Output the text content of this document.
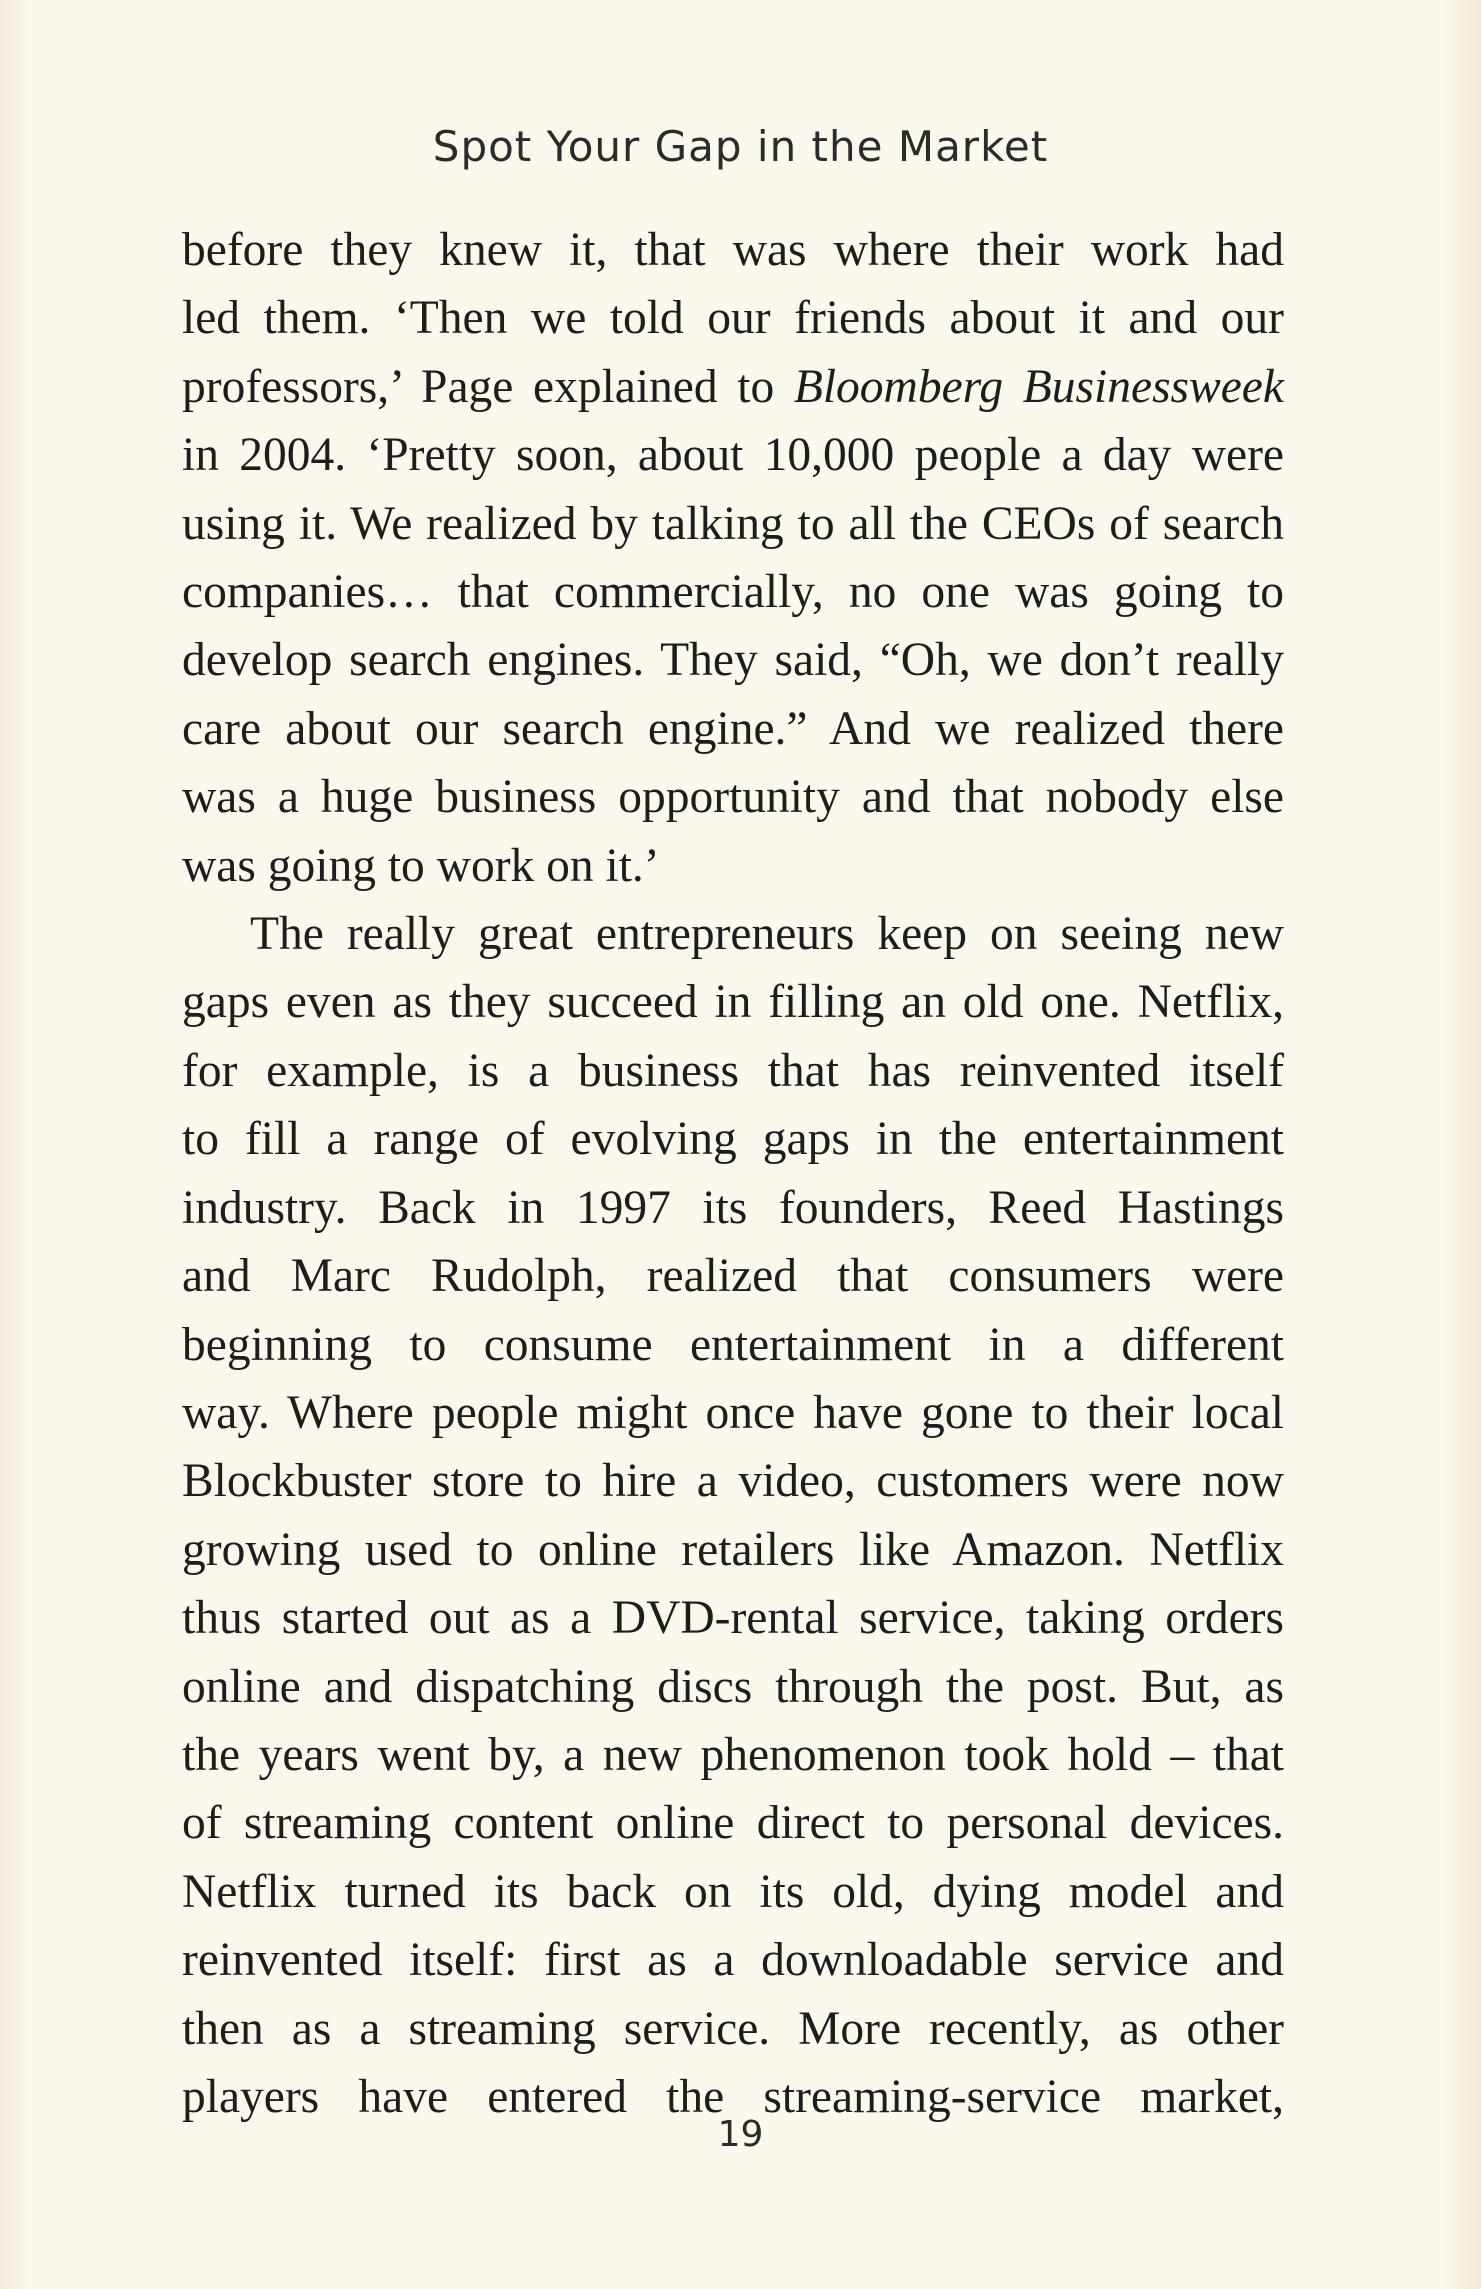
Spot Your Gap in the Market
before they knew it, that was where their work had
led them. ‘Then we told our friends about it and our
professors,’ Page explained to Bloomberg Businessweek
in 2004. ‘Pretty soon, about 10,000 people a day were
using it. We realized by talking to all the CEOs of search
companies… that commercially, no one was going to
develop search engines. They said, “Oh, we don’t really
care about our search engine.” And we realized there
was a huge business opportunity and that nobody else
was going to work on it.’
The really great entrepreneurs keep on seeing new
gaps even as they succeed in filling an old one. Netflix,
for example, is a business that has reinvented itself
to fill a range of evolving gaps in the entertainment
industry. Back in 1997 its founders, Reed Hastings
and Marc Rudolph, realized that consumers were
beginning to consume entertainment in a different
way. Where people might once have gone to their local
Blockbuster store to hire a video, customers were now
growing used to online retailers like Amazon. Netflix
thus started out as a DVD-rental service, taking orders
online and dispatching discs through the post. But, as
the years went by, a new phenomenon took hold – that
of streaming content online direct to personal devices.
Netflix turned its back on its old, dying model and
reinvented itself: first as a downloadable service and
then as a streaming service. More recently, as other
players have entered the streaming-service market,
19
